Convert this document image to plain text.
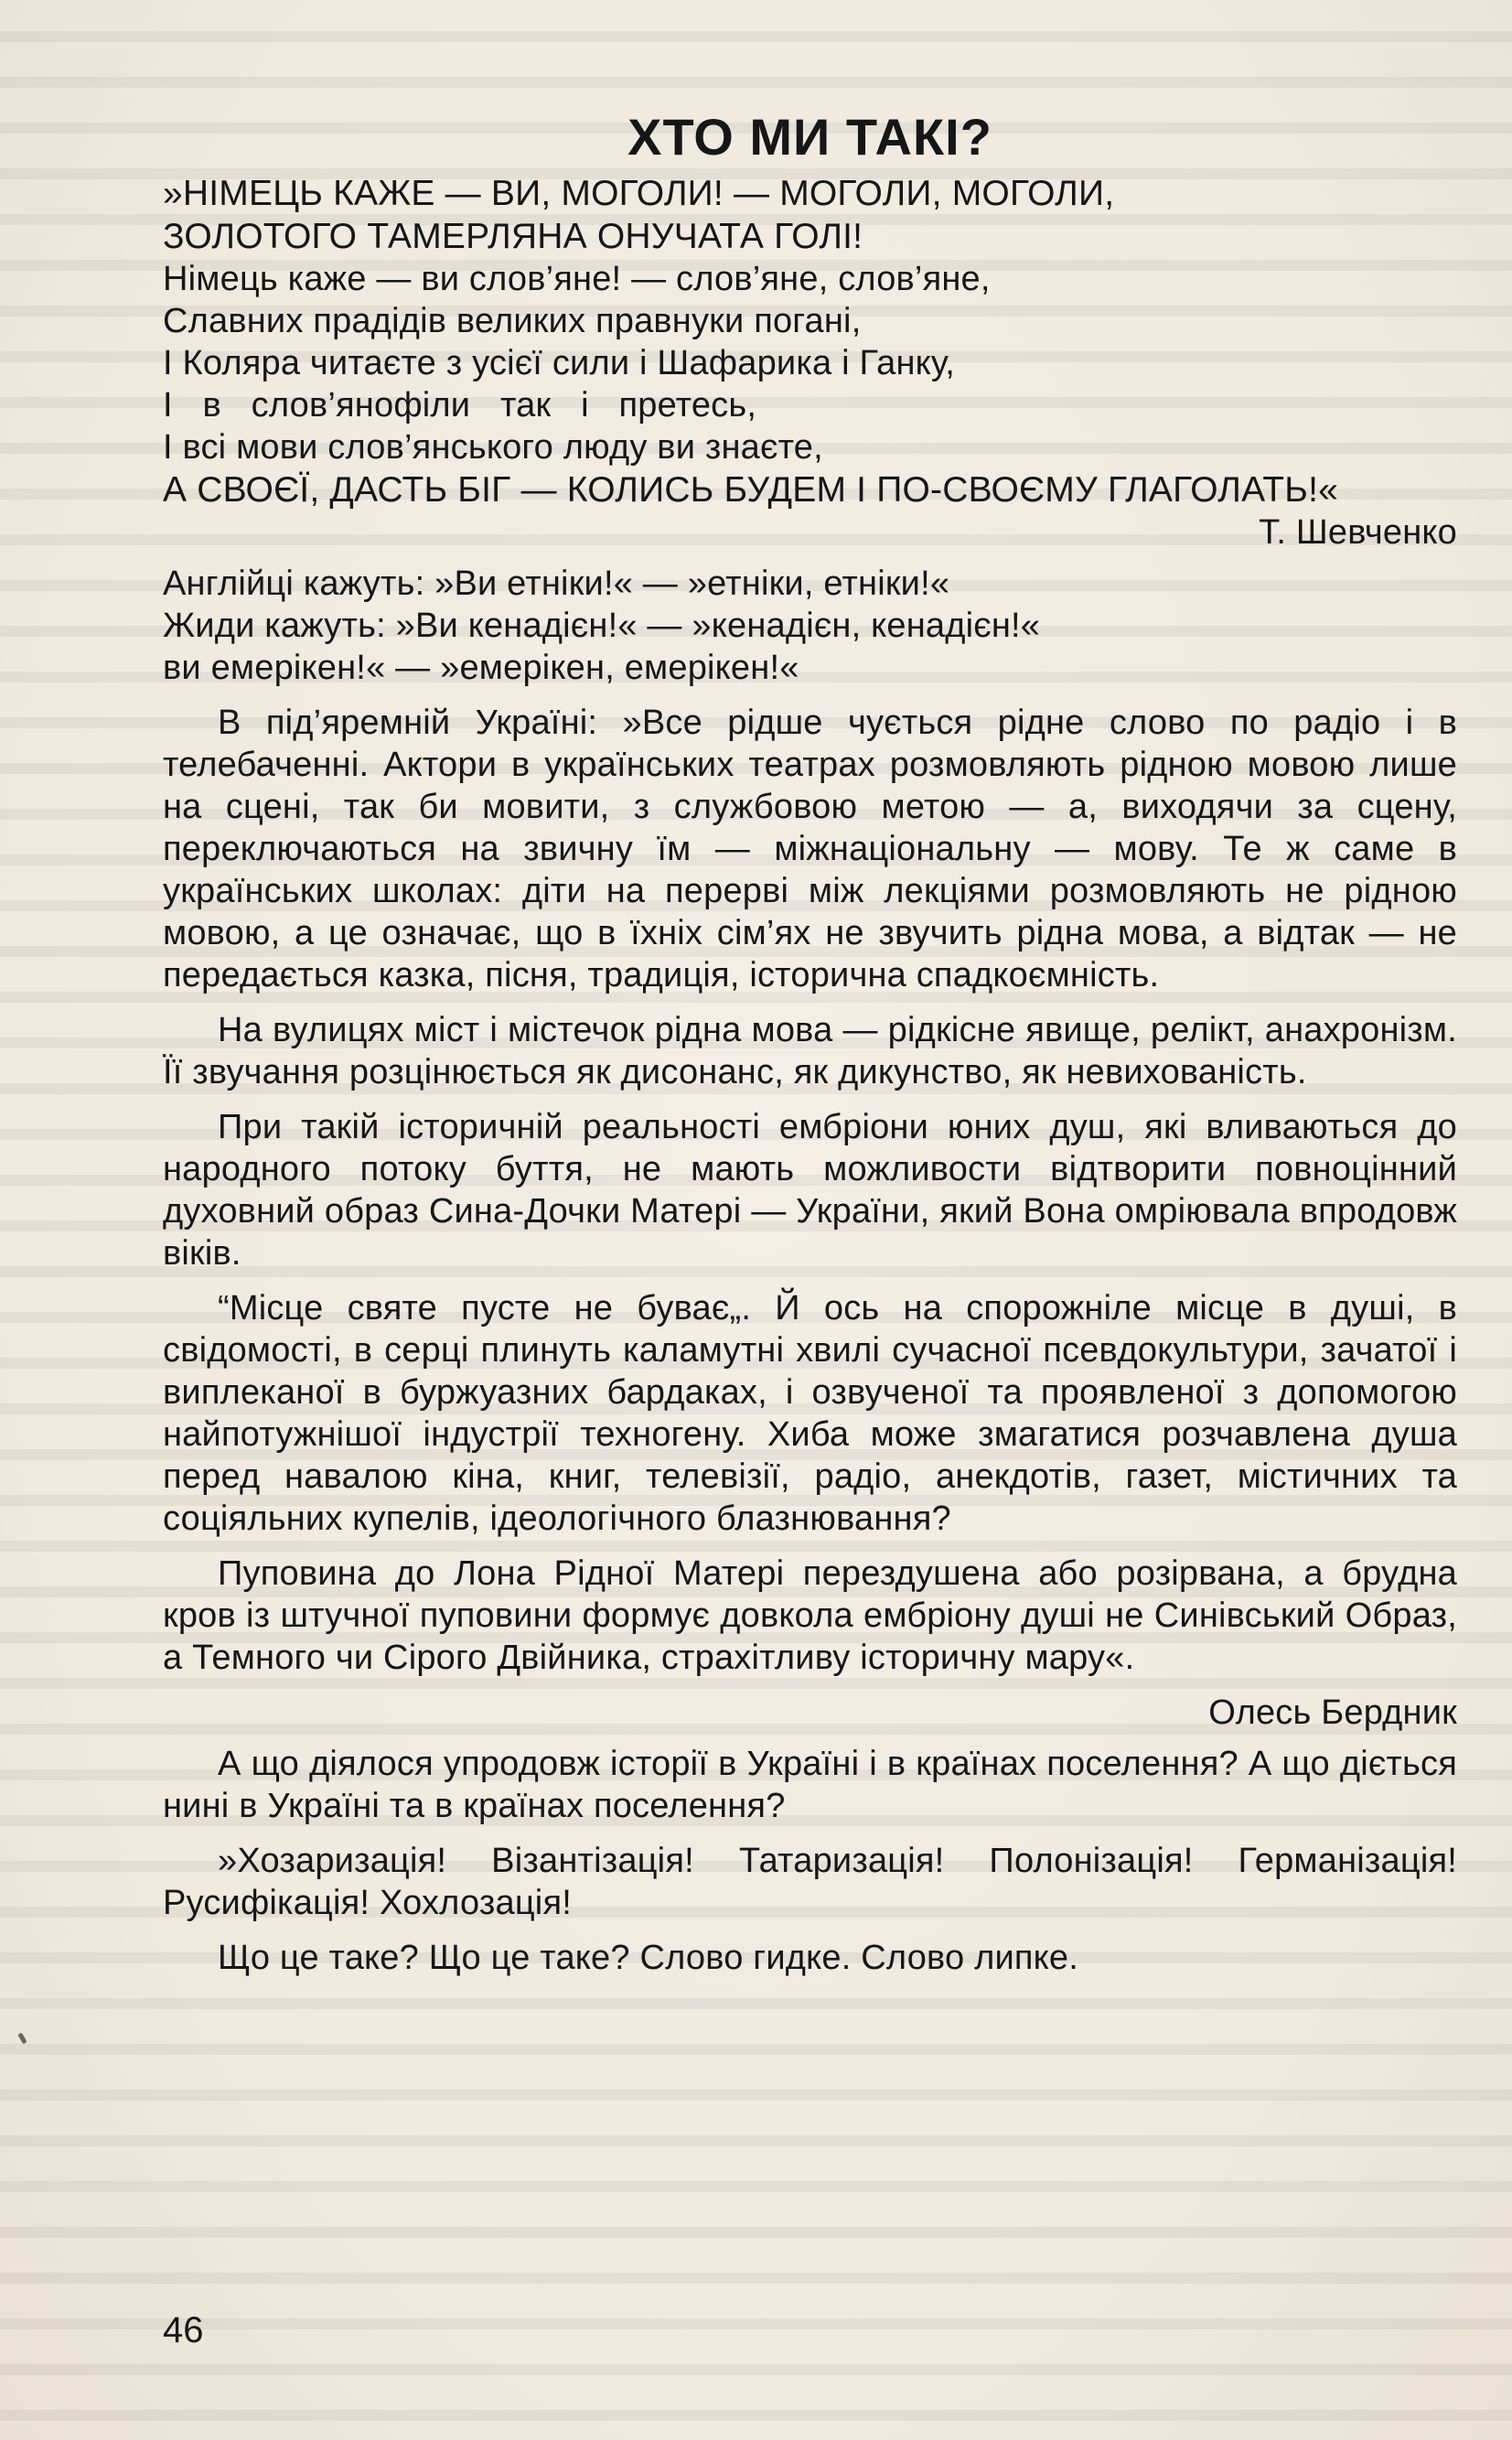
ХТО МИ ТАКІ?
»НІМЕЦЬ КАЖЕ — ВИ, МОГОЛИ! — МОГОЛИ, МОГОЛИ,
ЗОЛОТОГО ТАМЕРЛЯНА ОНУЧАТА ГОЛІ!
Німець каже — ви слов’яне! — слов’яне, слов’яне,
Славних прадідів великих правнуки погані,
І Коляра читаєте з усієї сили і Шафарика і Ганку,
І в слов’янофіли так і претесь,
І всі мови слов’янського люду ви знаєте,
А СВОЄЇ, ДАСТЬ БІГ — КОЛИСЬ БУДЕМ І ПО-СВОЄМУ ГЛАГОЛАТЬ!«
Т. Шевченко
Англійці кажуть: »Ви етніки!« — »етніки, етніки!«
Жиди кажуть: »Ви кенадієн!« — »кенадієн, кенадієн!«
ви емерікен!« — »емерікен, емерікен!«

В під’яремній Україні: »Все рідше чується рідне слово по радіо і в телебаченні. Актори в українських театрах розмовляють рідною мовою лише на сцені, так би мовити, з службовою метою — а, виходячи за сцену, переключаються на звичну їм — міжнаціональну — мову. Те ж саме в українських школах: діти на перерві між лекціями розмовляють не рідною мовою, а це означає, що в їхніх сім’ях не звучить рідна мова, а відтак — не передається казка, пісня, традиція, історична спадкоємність.

На вулицях міст і містечок рідна мова — рідкісне явище, релікт, анахронізм. Її звучання розцінюється як дисонанс, як дикунство, як невихованість.

При такій історичній реальності ембріони юних душ, які вливаються до народного потоку буття, не мають можливости відтворити повноцінний духовний образ Сина-Дочки Матері — України, який Вона омріювала впродовж віків.

“Місце святе пусте не буває„. Й ось на спорожніле місце в душі, в свідомості, в серці плинуть каламутні хвилі сучасної псевдокультури, зачатої і виплеканої в буржуазних бардаках, і озвученої та проявленої з допомогою найпотужнішої індустрії техногену. Хиба може змагатися розчавлена душа перед навалою кіна, книг, телевізії, радіо, анекдотів, газет, містичних та соціяльних купелів, ідеологічного блазнювання?

Пуповина до Лона Рідної Матері перездушена або розірвана, а брудна кров із штучної пуповини формує довкола ембріону душі не Синівський Образ, а Темного чи Сірого Двійника, страхітливу історичну мару«.

Олесь Бердник

А що діялося упродовж історії в Україні і в країнах поселення? А що діється нині в Україні та в країнах поселення?

»Хозаризація! Візантізація! Татаризація! Полонізація! Германізація! Русифікація! Хохлозація!

Що це таке? Що це таке? Слово гидке. Слово липке.

46
